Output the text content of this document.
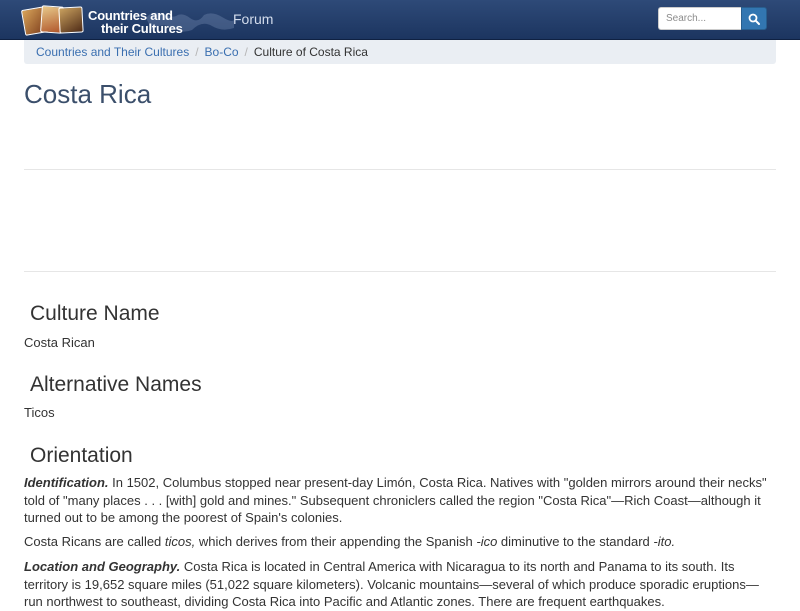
Countries and
their Cultures
Forum
Search...
Countries and Their Cultures / Bo-Co / Culture of Costa Rica
Costa Rica
Culture Name
Costa Rican
Alternative Names
Ticos
Orientation

Identification. In 1502, Columbus stopped near present-day Limón, Costa Rica. Natives with "golden mirrors around their necks" told of "many places . . . [with] gold and mines." Subsequent chroniclers called the region "Costa Rica"—Rich Coast—although it turned out to be among the poorest of Spain's colonies.

Costa Ricans are called ticos, which derives from their appending the Spanish -ico diminutive to the standard -ito.

Location and Geography. Costa Rica is located in Central America with Nicaragua to its north and Panama to its south. Its territory is 19,652 square miles (51,022 square kilometers). Volcanic mountains—several of which produce sporadic eruptions— run northwest to southeast, dividing Costa Rica into Pacific and Atlantic zones. There are frequent earthquakes.
